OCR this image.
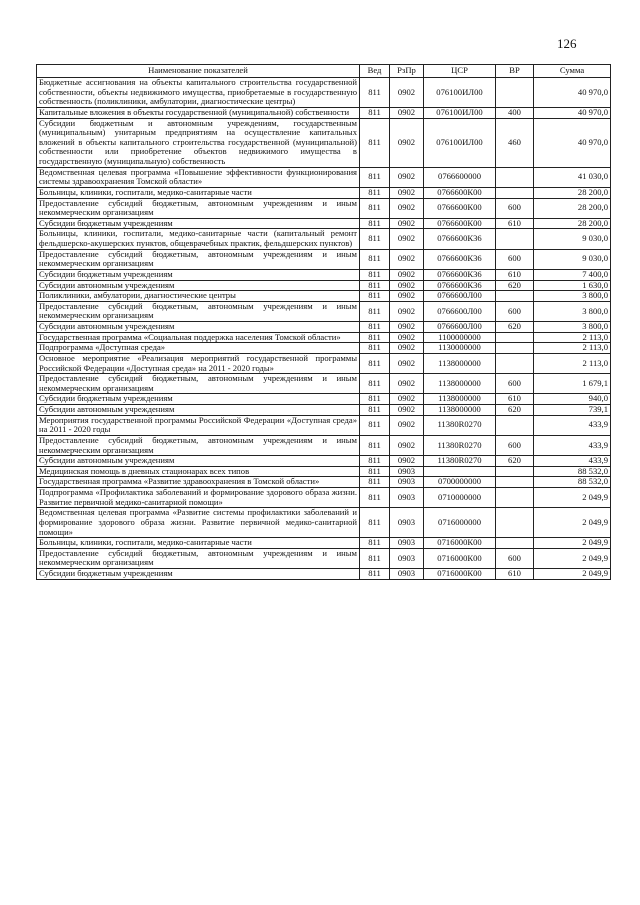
126
Наименование показателей	Вед	РзПр	ЦСР	ВР	Сумма
Бюджетные ассигнования на объекты капитального строительства государственной собственности, объекты недвижимого имущества, приобретаемые в государственную собственность (поликлиники, амбулатории, диагностические центры)	811	0902	076100ИЛ00		40 970,0
Капитальные вложения в объекты государственной (муниципальной) собственности	811	0902	076100ИЛ00	400	40 970,0
Субсидии бюджетным и автономным учреждениям, государственным (муниципальным) унитарным предприятиям на осуществление капитальных вложений в объекты капитального строительства государственной (муниципальной) собственности или приобретение объектов недвижимого имущества в государственную (муниципальную) собственность	811	0902	076100ИЛ00	460	40 970,0
Ведомственная целевая программа «Повышение эффективности функционирования системы здравоохранения Томской области»	811	0902	0766600000		41 030,0
Больницы, клиники, госпитали, медико-санитарные части	811	0902	0766600К00		28 200,0
Предоставление субсидий бюджетным, автономным учреждениям и иным некоммерческим организациям	811	0902	0766600К00	600	28 200,0
Субсидии бюджетным учреждениям	811	0902	0766600К00	610	28 200,0
Больницы, клиники, госпитали, медико-санитарные части (капитальный ремонт фельдшерско-акушерских пунктов, общеврачебных практик, фельдшерских пунктов)	811	0902	0766600К36		9 030,0
Предоставление субсидий бюджетным, автономным учреждениям и иным некоммерческим организациям	811	0902	0766600К36	600	9 030,0
Субсидии бюджетным учреждениям	811	0902	0766600К36	610	7 400,0
Субсидии автономным учреждениям	811	0902	0766600К36	620	1 630,0
Поликлиники, амбулатории, диагностические центры	811	0902	0766600Л00		3 800,0
Предоставление субсидий бюджетным, автономным учреждениям и иным некоммерческим организациям	811	0902	0766600Л00	600	3 800,0
Субсидии автономным учреждениям	811	0902	0766600Л00	620	3 800,0
Государственная программа «Социальная поддержка населения Томской области»	811	0902	1100000000		2 113,0
Подпрограмма «Доступная среда»	811	0902	1130000000		2 113,0
Основное мероприятие «Реализация мероприятий государственной программы Российской Федерации «Доступная среда» на 2011 - 2020 годы»	811	0902	1138000000		2 113,0
Предоставление субсидий бюджетным, автономным учреждениям и иным некоммерческим организациям	811	0902	1138000000	600	1 679,1
Субсидии бюджетным учреждениям	811	0902	1138000000	610	940,0
Субсидии автономным учреждениям	811	0902	1138000000	620	739,1
Мероприятия государственной программы Российской Федерации «Доступная среда» на 2011 - 2020 годы	811	0902	11380R0270		433,9
Предоставление субсидий бюджетным, автономным учреждениям и иным некоммерческим организациям	811	0902	11380R0270	600	433,9
Субсидии автономным учреждениям	811	0902	11380R0270	620	433,9
Медицинская помощь в дневных стационарах всех типов	811	0903			88 532,0
Государственная программа «Развитие здравоохранения в Томской области»	811	0903	0700000000		88 532,0
Подпрограмма «Профилактика заболеваний и формирование здорового образа жизни. Развитие первичной медико-санитарной помощи»	811	0903	0710000000		2 049,9
Ведомственная целевая программа «Развитие системы профилактики заболеваний и формирование здорового образа жизни. Развитие первичной медико-санитарной помощи»	811	0903	0716000000		2 049,9
Больницы, клиники, госпитали, медико-санитарные части	811	0903	0716000К00		2 049,9
Предоставление субсидий бюджетным, автономным учреждениям и иным некоммерческим организациям	811	0903	0716000К00	600	2 049,9
Субсидии бюджетным учреждениям	811	0903	0716000К00	610	2 049,9
